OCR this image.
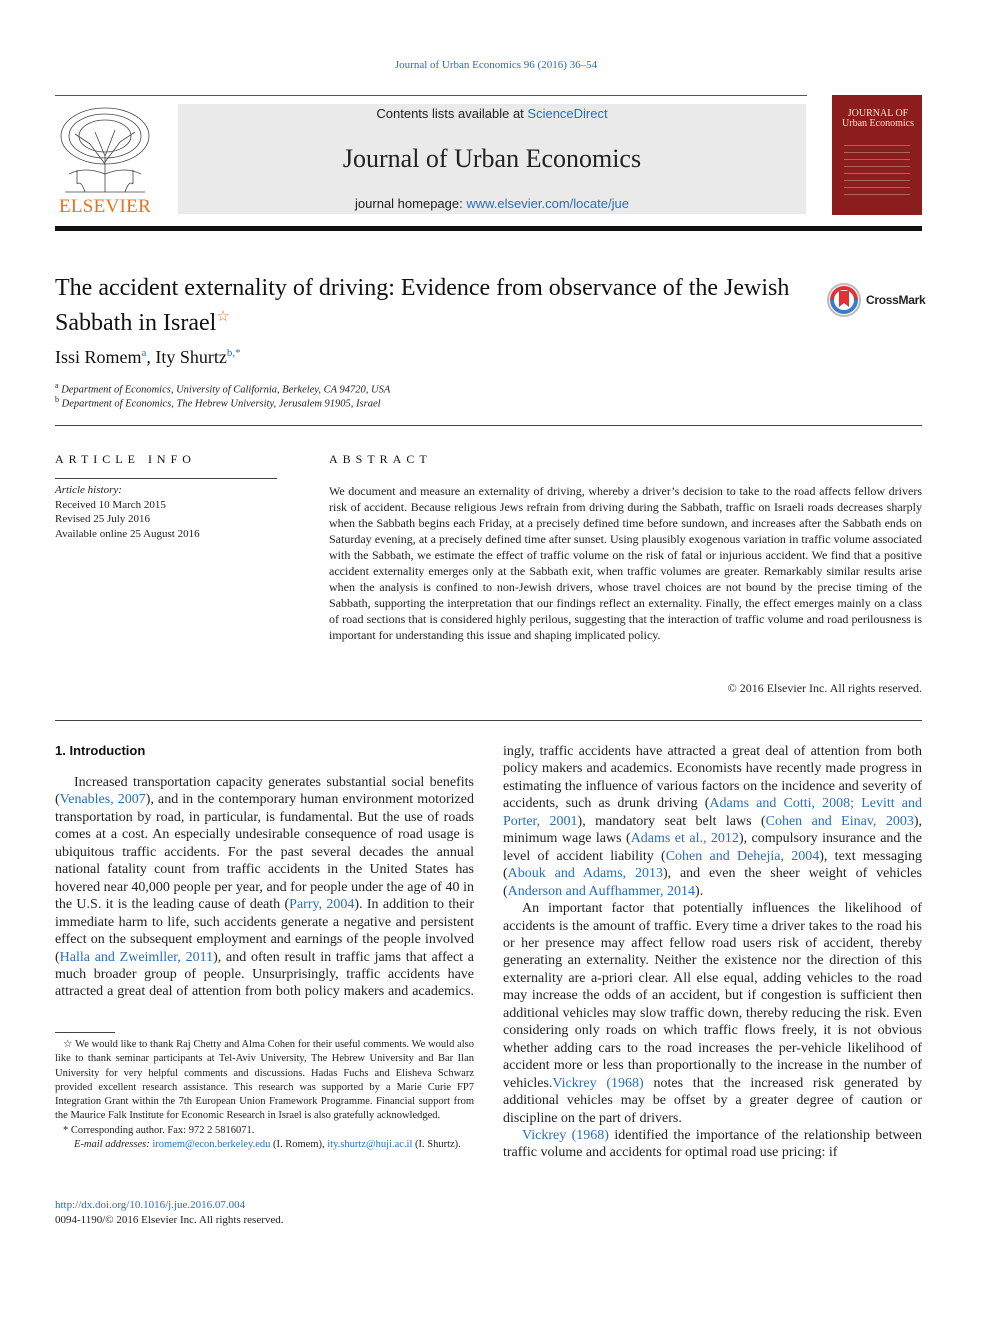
Journal of Urban Economics 96 (2016) 36–54
ELSEVIER
Contents lists available at ScienceDirect
Journal of Urban Economics
journal homepage: www.elsevier.com/locate/jue
JOURNAL OF Urban Economics
The accident externality of driving: Evidence from observance of the Jewish Sabbath in Israel☆
CrossMark
Issi Romem$^a$, Ity Shurtz$^{b,*}$
$^a$ Department of Economics, University of California, Berkeley, CA 94720, USA
$^b$ Department of Economics, The Hebrew University, Jerusalem 91905, Israel
ARTICLE INFO
Article history:
Received 10 March 2015
Revised 25 July 2016
Available online 25 August 2016
ABSTRACT
We document and measure an externality of driving, whereby a driver’s decision to take to the road affects fellow drivers risk of accident. Because religious Jews refrain from driving during the Sabbath, traffic on Israeli roads decreases sharply when the Sabbath begins each Friday, at a precisely defined time before sundown, and increases after the Sabbath ends on Saturday evening, at a precisely defined time after sunset. Using plausibly exogenous variation in traffic volume associated with the Sabbath, we estimate the effect of traffic volume on the risk of fatal or injurious accident. We find that a positive accident externality emerges only at the Sabbath exit, when traffic volumes are greater. Remarkably similar results arise when the analysis is confined to non-Jewish drivers, whose travel choices are not bound by the precise timing of the Sabbath, supporting the interpretation that our findings reflect an externality. Finally, the effect emerges mainly on a class of road sections that is considered highly perilous, suggesting that the interaction of traffic volume and road perilousness is important for understanding this issue and shaping implicated policy.
© 2016 Elsevier Inc. All rights reserved.
1. Introduction

Increased transportation capacity generates substantial social benefits (Venables, 2007), and in the contemporary human environment motorized transportation by road, in particular, is fundamental. But the use of roads comes at a cost. An especially undesirable consequence of road usage is ubiquitous traffic accidents. For the past several decades the annual national fatality count from traffic accidents in the United States has hovered near 40,000 people per year, and for people under the age of 40 in the U.S. it is the leading cause of death (Parry, 2004). In addition to their immediate harm to life, such accidents generate a negative and persistent effect on the subsequent employment and earnings of the people involved (Halla and Zweimller, 2011), and often result in traffic jams that affect a much broader group of people. Unsurprisingly, traffic accidents have attracted a great deal of attention from both policy makers and academics.

ingly, traffic accidents have attracted a great deal of attention from both policy makers and academics. Economists have recently made progress in estimating the influence of various factors on the incidence and severity of accidents, such as drunk driving (Adams and Cotti, 2008; Levitt and Porter, 2001), mandatory seat belt laws (Cohen and Einav, 2003), minimum wage laws (Adams et al., 2012), compulsory insurance and the level of accident liability (Cohen and Dehejia, 2004), text messaging (Abouk and Adams, 2013), and even the sheer weight of vehicles (Anderson and Auffhammer, 2014).

An important factor that potentially influences the likelihood of accidents is the amount of traffic. Every time a driver takes to the road his or her presence may affect fellow road users risk of accident, thereby generating an externality. Neither the existence nor the direction of this externality are a-priori clear. All else equal, adding vehicles to the road may increase the odds of an accident, but if congestion is sufficient then additional vehicles may slow traffic down, thereby reducing the risk. Even considering only roads on which traffic flows freely, it is not obvious whether adding cars to the road increases the per-vehicle likelihood of accident more or less than proportionally to the increase in the number of vehicles.Vickrey (1968) notes that the increased risk generated by additional vehicles may be offset by a greater degree of caution or discipline on the part of drivers.

Vickrey (1968) identified the importance of the relationship between traffic volume and accidents for optimal road use pricing: if

☆ We would like to thank Raj Chetty and Alma Cohen for their useful comments. We would also like to thank seminar participants at Tel-Aviv University, The Hebrew University and Bar Ilan University for very helpful comments and discussions. Hadas Fuchs and Elisheva Schwarz provided excellent research assistance. This research was supported by a Marie Curie FP7 Integration Grant within the 7th European Union Framework Programme. Financial support from the Maurice Falk Institute for Economic Research in Israel is also gratefully acknowledged.

* Corresponding author. Fax: 972 2 5816071.

E-mail addresses: iromem@econ.berkeley.edu (I. Romem), ity.shurtz@huji.ac.il (I. Shurtz).

http://dx.doi.org/10.1016/j.jue.2016.07.004
0094-1190/© 2016 Elsevier Inc. All rights reserved.
